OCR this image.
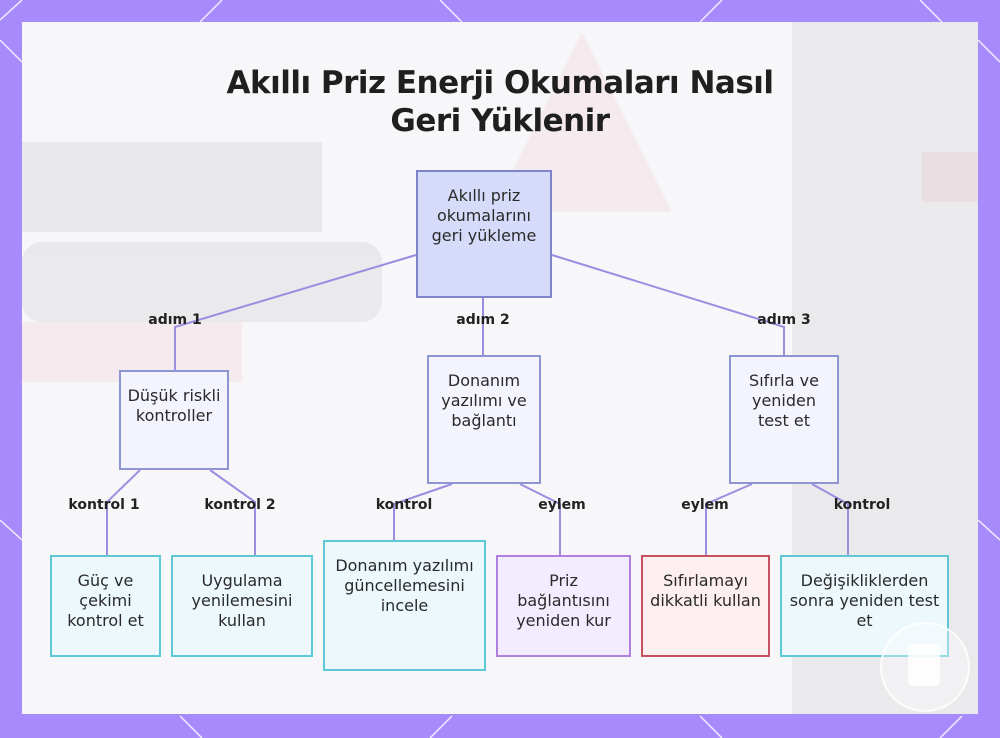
Akıllı Priz Enerji Okumaları Nasıl
Geri Yüklenir
Akıllı priz okumalarını geri yükleme
Düşük riskli kontroller
Donanım yazılımı ve bağlantı
Sıfırla ve yeniden test et
Güç ve çekimi kontrol et
Uygulama yenilemesini kullan
Donanım yazılımı güncellemesini incele
Priz bağlantısını yeniden kur
Sıfırlamayı dikkatli kullan
Değişikliklerden sonra yeniden test et
adım 1	adım 2	adım 3
kontrol 1	kontrol 2	kontrol	eylem	eylem	kontrol
